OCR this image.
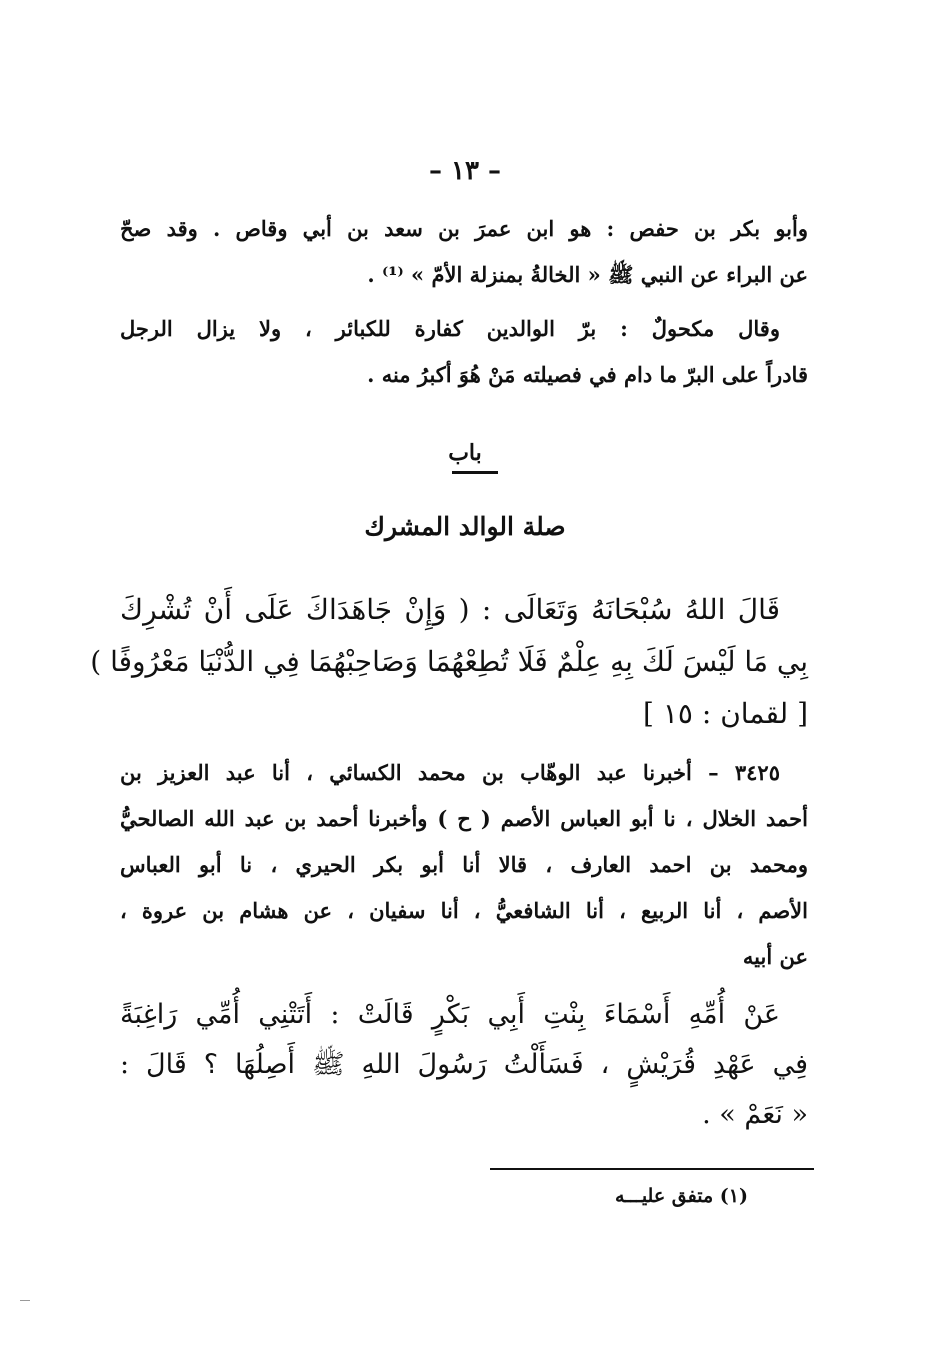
– ١٣ –

وأبو بكر بن حفص : هو ابن عمرَ بن سعد بن أبي وقاص . وقد صحّ
عن البراء عن النبي ﷺ « الخالةُ بمنزلة الأمّ » ⁽¹⁾ .

وقال مكحولٌ : برّ الوالدين كفارة للكبائر ، ولا يزال الرجل
قادراً على البرّ ما دام في فصيلته مَنْ هُوَ أكبرُ منه .

باب
صلة الوالد المشرك

قَالَ اللهُ سُبْحَانَهُ وَتَعَالَى : ( وَإِنْ جَاهَدَاكَ عَلَى أَنْ تُشْرِكَ
بِي مَا لَيْسَ لَكَ بِهِ عِلْمٌ فَلَا تُطِعْهُمَا وَصَاحِبْهُمَا فِي الدُّنْيَا مَعْرُوفًا )
[ لقمان : ١٥ ]

٣٤٢٥ – أخبرنا عبد الوهّاب بن محمد الكسائي ، أنا عبد العزيز بن
أحمد الخلال ، نا أبو العباس الأصم ( ح ) وأخبرنا أحمد بن عبد الله الصالحيُّ
ومحمد بن احمد العارف ، قالا أنا أبو بكر الحيري ، نا أبو العباس
الأصم ، أنا الربيع ، أنا الشافعيُّ ، أنا سفيان ، عن هشام بن عروة ،
عن أبيه

عَنْ أُمِّهِ أَسْمَاءَ بِنْتِ أَبِي بَكْرٍ قَالَتْ : أَتَتْنِي أُمِّي رَاغِبَةً
فِي عَهْدِ قُرَيْشٍ ، فَسَأَلْتُ رَسُولَ اللهِ ﷺ أَصِلُهَا ؟ قَالَ :
« نَعَمْ » .

(١) متفق عليـــه
